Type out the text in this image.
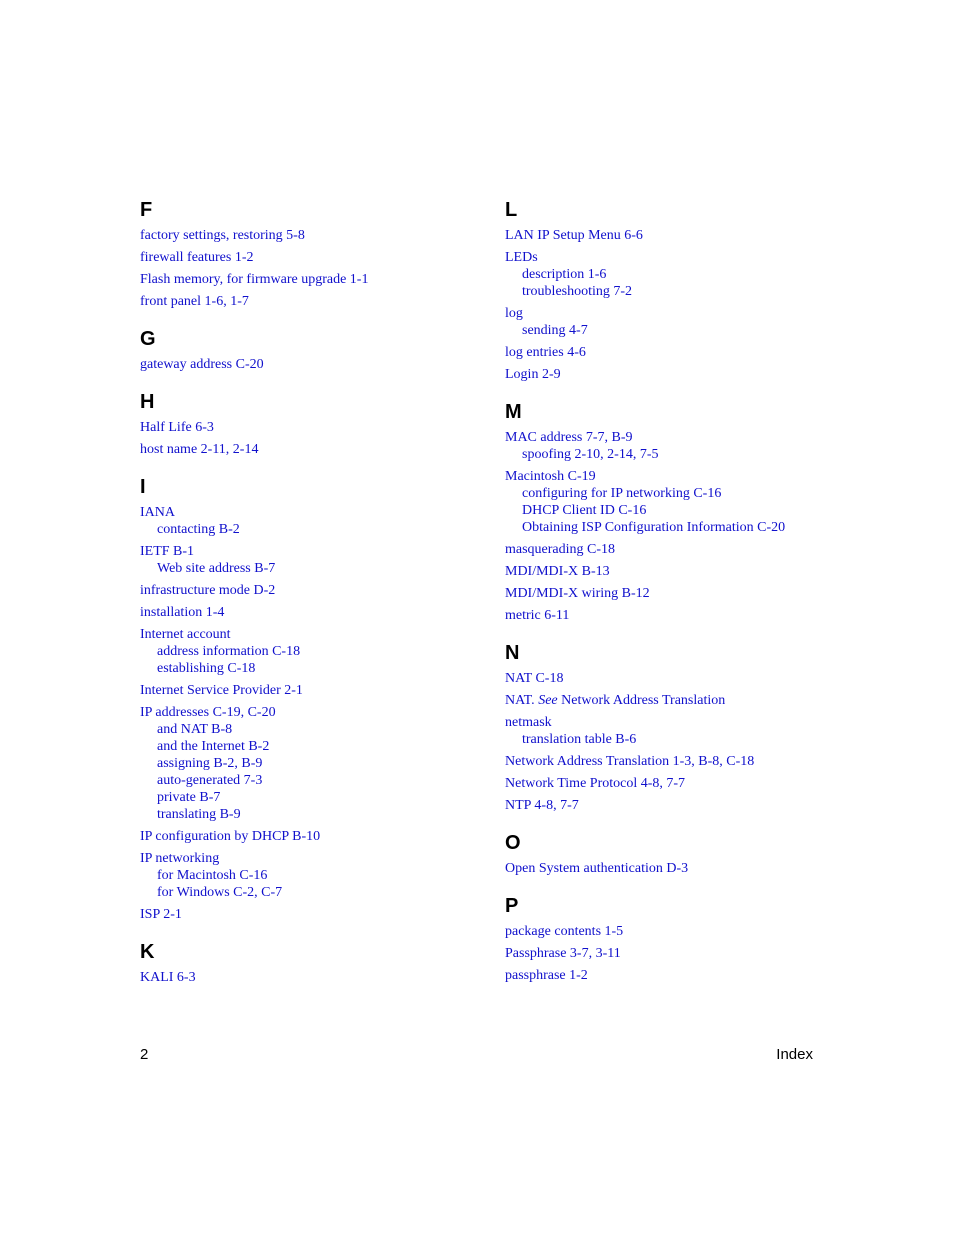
F
factory settings, restoring 5-8
firewall features 1-2
Flash memory, for firmware upgrade 1-1
front panel 1-6, 1-7
G
gateway address C-20
H
Half Life 6-3
host name 2-11, 2-14
I
IANA
contacting B-2
IETF B-1
Web site address B-7
infrastructure mode D-2
installation 1-4
Internet account
address information C-18
establishing C-18
Internet Service Provider 2-1
IP addresses C-19, C-20
and NAT B-8
and the Internet B-2
assigning B-2, B-9
auto-generated 7-3
private B-7
translating B-9
IP configuration by DHCP B-10
IP networking
for Macintosh C-16
for Windows C-2, C-7
ISP 2-1
K
KALI 6-3
L
LAN IP Setup Menu 6-6
LEDs
description 1-6
troubleshooting 7-2
log
sending 4-7
log entries 4-6
Login 2-9
M
MAC address 7-7, B-9
spoofing 2-10, 2-14, 7-5
Macintosh C-19
configuring for IP networking C-16
DHCP Client ID C-16
Obtaining ISP Configuration Information C-20
masquerading C-18
MDI/MDI-X B-13
MDI/MDI-X wiring B-12
metric 6-11
N
NAT C-18
NAT. See Network Address Translation
netmask
translation table B-6
Network Address Translation 1-3, B-8, C-18
Network Time Protocol 4-8, 7-7
NTP 4-8, 7-7
O
Open System authentication D-3
P
package contents 1-5
Passphrase 3-7, 3-11
passphrase 1-2
2	Index
